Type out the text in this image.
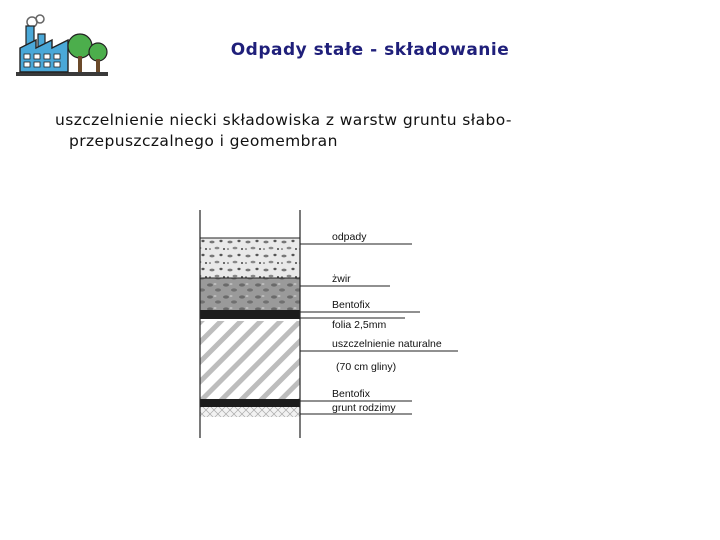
Odpady stałe - składowanie
uszczelnienie niecki składowiska z warstw gruntu słabo-przepuszczalnego i geomembran
odpady
żwir
Bentofix
folia 2,5mm
uszczelnienie naturalne
(70 cm gliny)
Bentofix
grunt rodzimy
